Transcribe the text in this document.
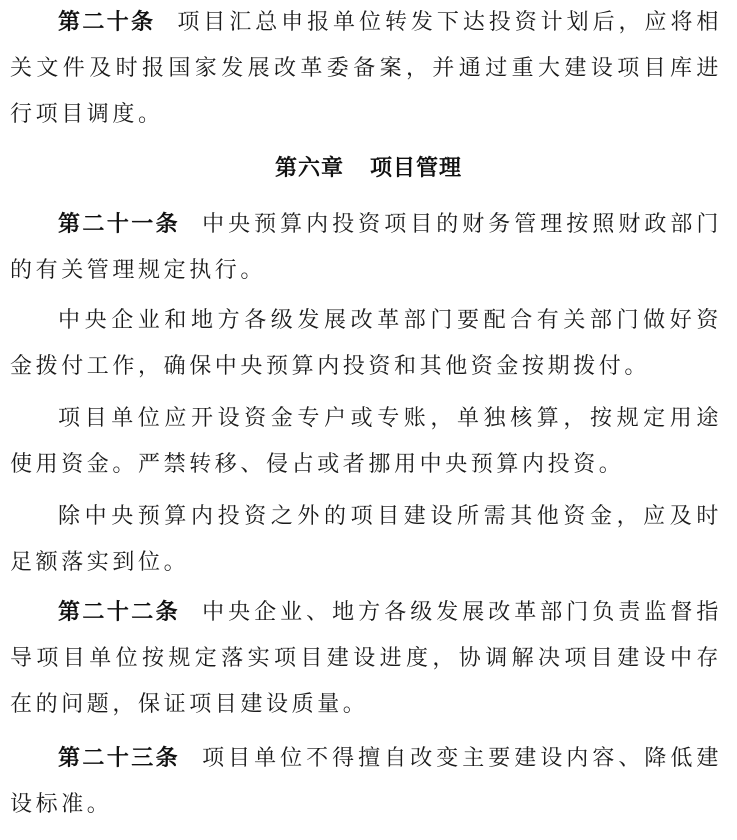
第二十条 项目汇总申报单位转发下达投资计划后，应将相关文件及时报国家发展改革委备案，并通过重大建设项目库进行项目调度。

第六章 项目管理

第二十一条 中央预算内投资项目的财务管理按照财政部门的有关管理规定执行。

中央企业和地方各级发展改革部门要配合有关部门做好资金拨付工作，确保中央预算内投资和其他资金按期拨付。

项目单位应开设资金专户或专账，单独核算，按规定用途使用资金。严禁转移、侵占或者挪用中央预算内投资。

除中央预算内投资之外的项目建设所需其他资金，应及时足额落实到位。

第二十二条 中央企业、地方各级发展改革部门负责监督指导项目单位按规定落实项目建设进度，协调解决项目建设中存在的问题，保证项目建设质量。

第二十三条 项目单位不得擅自改变主要建设内容、降低建设标准。
